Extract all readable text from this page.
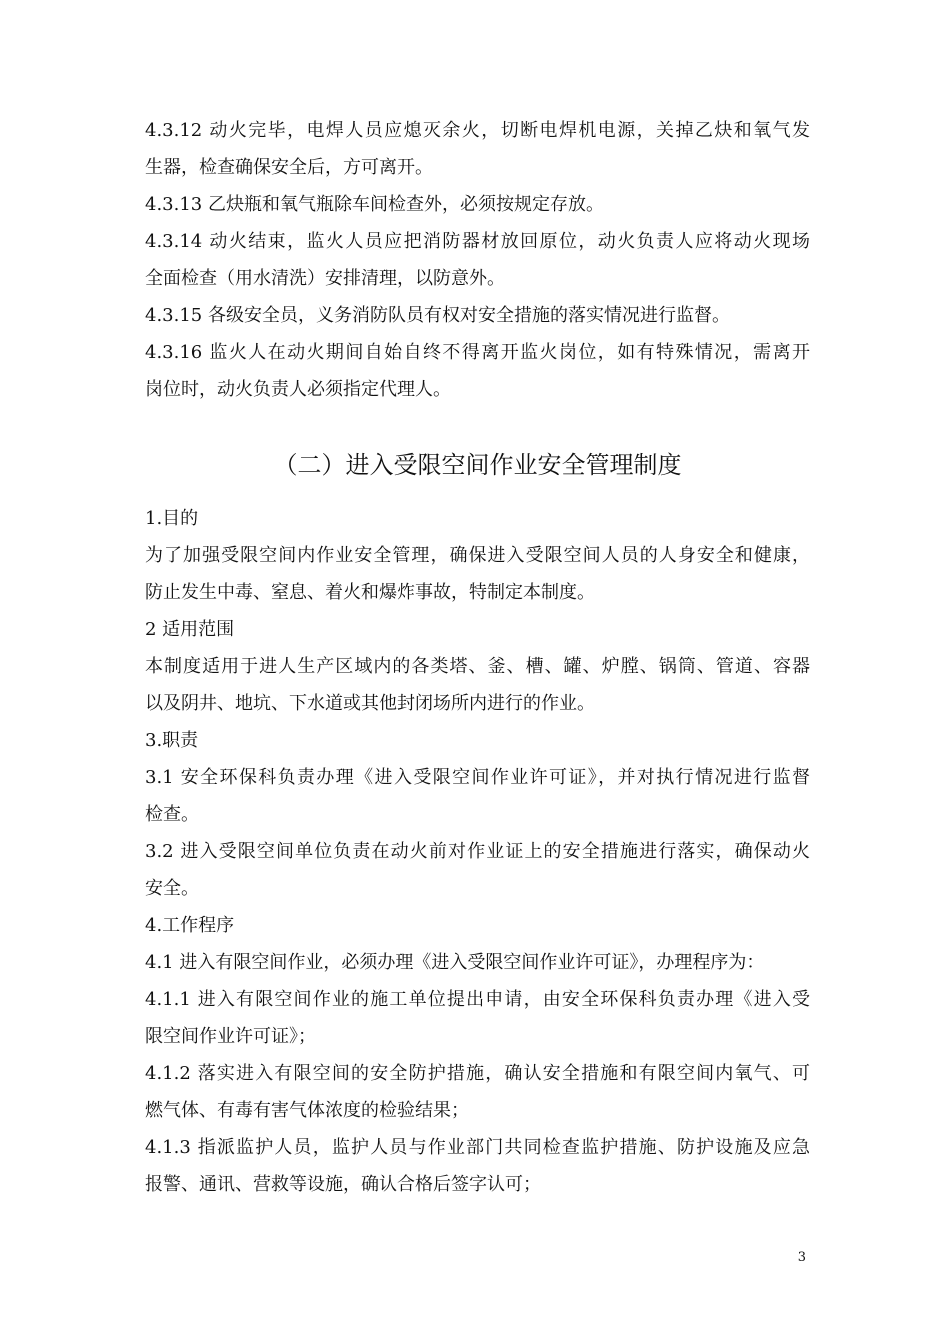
4.3.12 动火完毕，电焊人员应熄灭余火，切断电焊机电源，关掉乙炔和氧气发

生器，检查确保安全后，方可离开。

4.3.13 乙炔瓶和氧气瓶除车间检查外，必须按规定存放。

4.3.14 动火结束，监火人员应把消防器材放回原位，动火负责人应将动火现场

全面检查（用水清洗）安排清理，以防意外。

4.3.15 各级安全员，义务消防队员有权对安全措施的落实情况进行监督。

4.3.16 监火人在动火期间自始自终不得离开监火岗位，如有特殊情况，需离开

岗位时，动火负责人必须指定代理人。

（二）进入受限空间作业安全管理制度

1.目的

为了加强受限空间内作业安全管理，确保进入受限空间人员的人身安全和健康，

防止发生中毒、窒息、着火和爆炸事故，特制定本制度。

2 适用范围

本制度适用于进人生产区域内的各类塔、釜、槽、罐、炉膛、锅筒、管道、容器

以及阴井、地坑、下水道或其他封闭场所内进行的作业。

3.职责

3.1 安全环保科负责办理《进入受限空间作业许可证》，并对执行情况进行监督

检查。

3.2 进入受限空间单位负责在动火前对作业证上的安全措施进行落实，确保动火

安全。

4.工作程序

4.1 进入有限空间作业，必须办理《进入受限空间作业许可证》，办理程序为：

4.1.1 进入有限空间作业的施工单位提出申请，由安全环保科负责办理《进入受

限空间作业许可证》；

4.1.2 落实进入有限空间的安全防护措施，确认安全措施和有限空间内氧气、可

燃气体、有毒有害气体浓度的检验结果；

4.1.3 指派监护人员，监护人员与作业部门共同检查监护措施、防护设施及应急

报警、通讯、营救等设施，确认合格后签字认可；

3
